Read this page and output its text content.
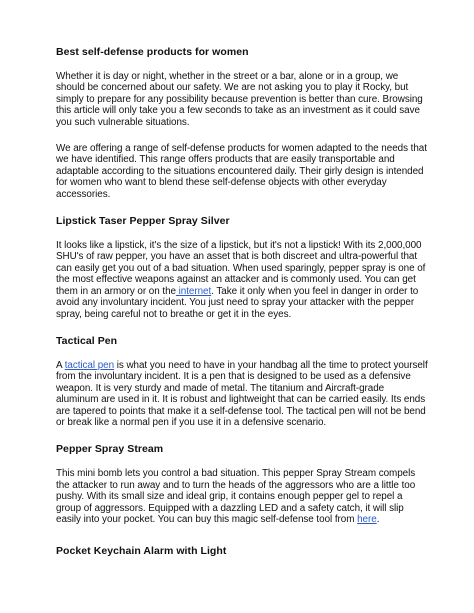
Best self-defense products for women

Whether it is day or night, whether in the street or a bar, alone or in a group, we should be concerned about our safety. We are not asking you to play it Rocky, but simply to prepare for any possibility because prevention is better than cure. Browsing this article will only take you a few seconds to take as an investment as it could save you such vulnerable situations.

We are offering a range of self-defense products for women adapted to the needs that we have identified. This range offers products that are easily transportable and adaptable according to the situations encountered daily. Their girly design is intended for women who want to blend these self-defense objects with other everyday accessories.

Lipstick Taser Pepper Spray Silver

It looks like a lipstick, it's the size of a lipstick, but it's not a lipstick! With its 2,000,000 SHU's of raw pepper, you have an asset that is both discreet and ultra-powerful that can easily get you out of a bad situation. When used sparingly, pepper spray is one of the most effective weapons against an attacker and is commonly used. You can get them in an armory or on the internet. Take it only when you feel in danger in order to avoid any involuntary incident. You just need to spray your attacker with the pepper spray, being careful not to breathe or get it in the eyes.

Tactical Pen

A tactical pen is what you need to have in your handbag all the time to protect yourself from the involuntary incident. It is a pen that is designed to be used as a defensive weapon. It is very sturdy and made of metal. The titanium and Aircraft-grade aluminum are used in it. It is robust and lightweight that can be carried easily. Its ends are tapered to points that make it a self-defense tool. The tactical pen will not be bend or break like a normal pen if you use it in a defensive scenario.

Pepper Spray Stream

This mini bomb lets you control a bad situation. This pepper Spray Stream compels the attacker to run away and to turn the heads of the aggressors who are a little too pushy. With its small size and ideal grip, it contains enough pepper gel to repel a group of aggressors. Equipped with a dazzling LED and a safety catch, it will slip easily into your pocket. You can buy this magic self-defense tool from here.

Pocket Keychain Alarm with Light
